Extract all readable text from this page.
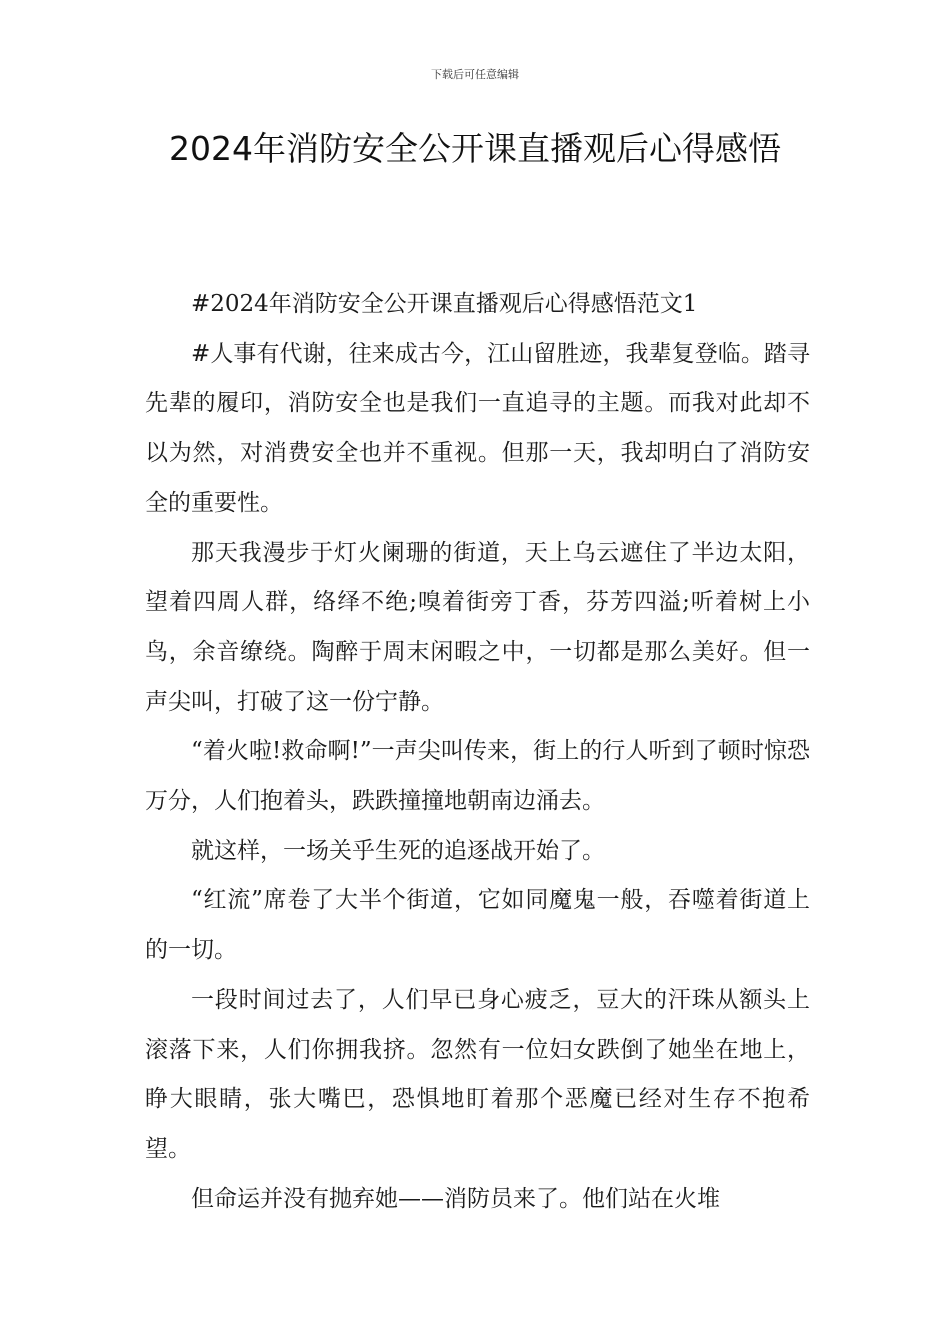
下载后可任意编辑
2024年消防安全公开课直播观后心得感悟

#2024年消防安全公开课直播观后心得感悟范文1

#人事有代谢，往来成古今，江山留胜迹，我辈复登临。踏寻先辈的履印，消防安全也是我们一直追寻的主题。而我对此却不以为然，对消费安全也并不重视。但那一天，我却明白了消防安全的重要性。

那天我漫步于灯火阑珊的街道，天上乌云遮住了半边太阳，望着四周人群，络绎不绝;嗅着街旁丁香，芬芳四溢;听着树上小鸟，余音缭绕。陶醉于周末闲暇之中，一切都是那么美好。但一声尖叫，打破了这一份宁静。

“着火啦!救命啊!”一声尖叫传来，街上的行人听到了顿时惊恐万分，人们抱着头，跌跌撞撞地朝南边涌去。

就这样，一场关乎生死的追逐战开始了。

“红流”席卷了大半个街道，它如同魔鬼一般，吞噬着街道上的一切。

一段时间过去了，人们早已身心疲乏，豆大的汗珠从额头上滚落下来，人们你拥我挤。忽然有一位妇女跌倒了她坐在地上，睁大眼睛，张大嘴巴，恐惧地盯着那个恶魔已经对生存不抱希望。

但命运并没有抛弃她——消防员来了。他们站在火堆
